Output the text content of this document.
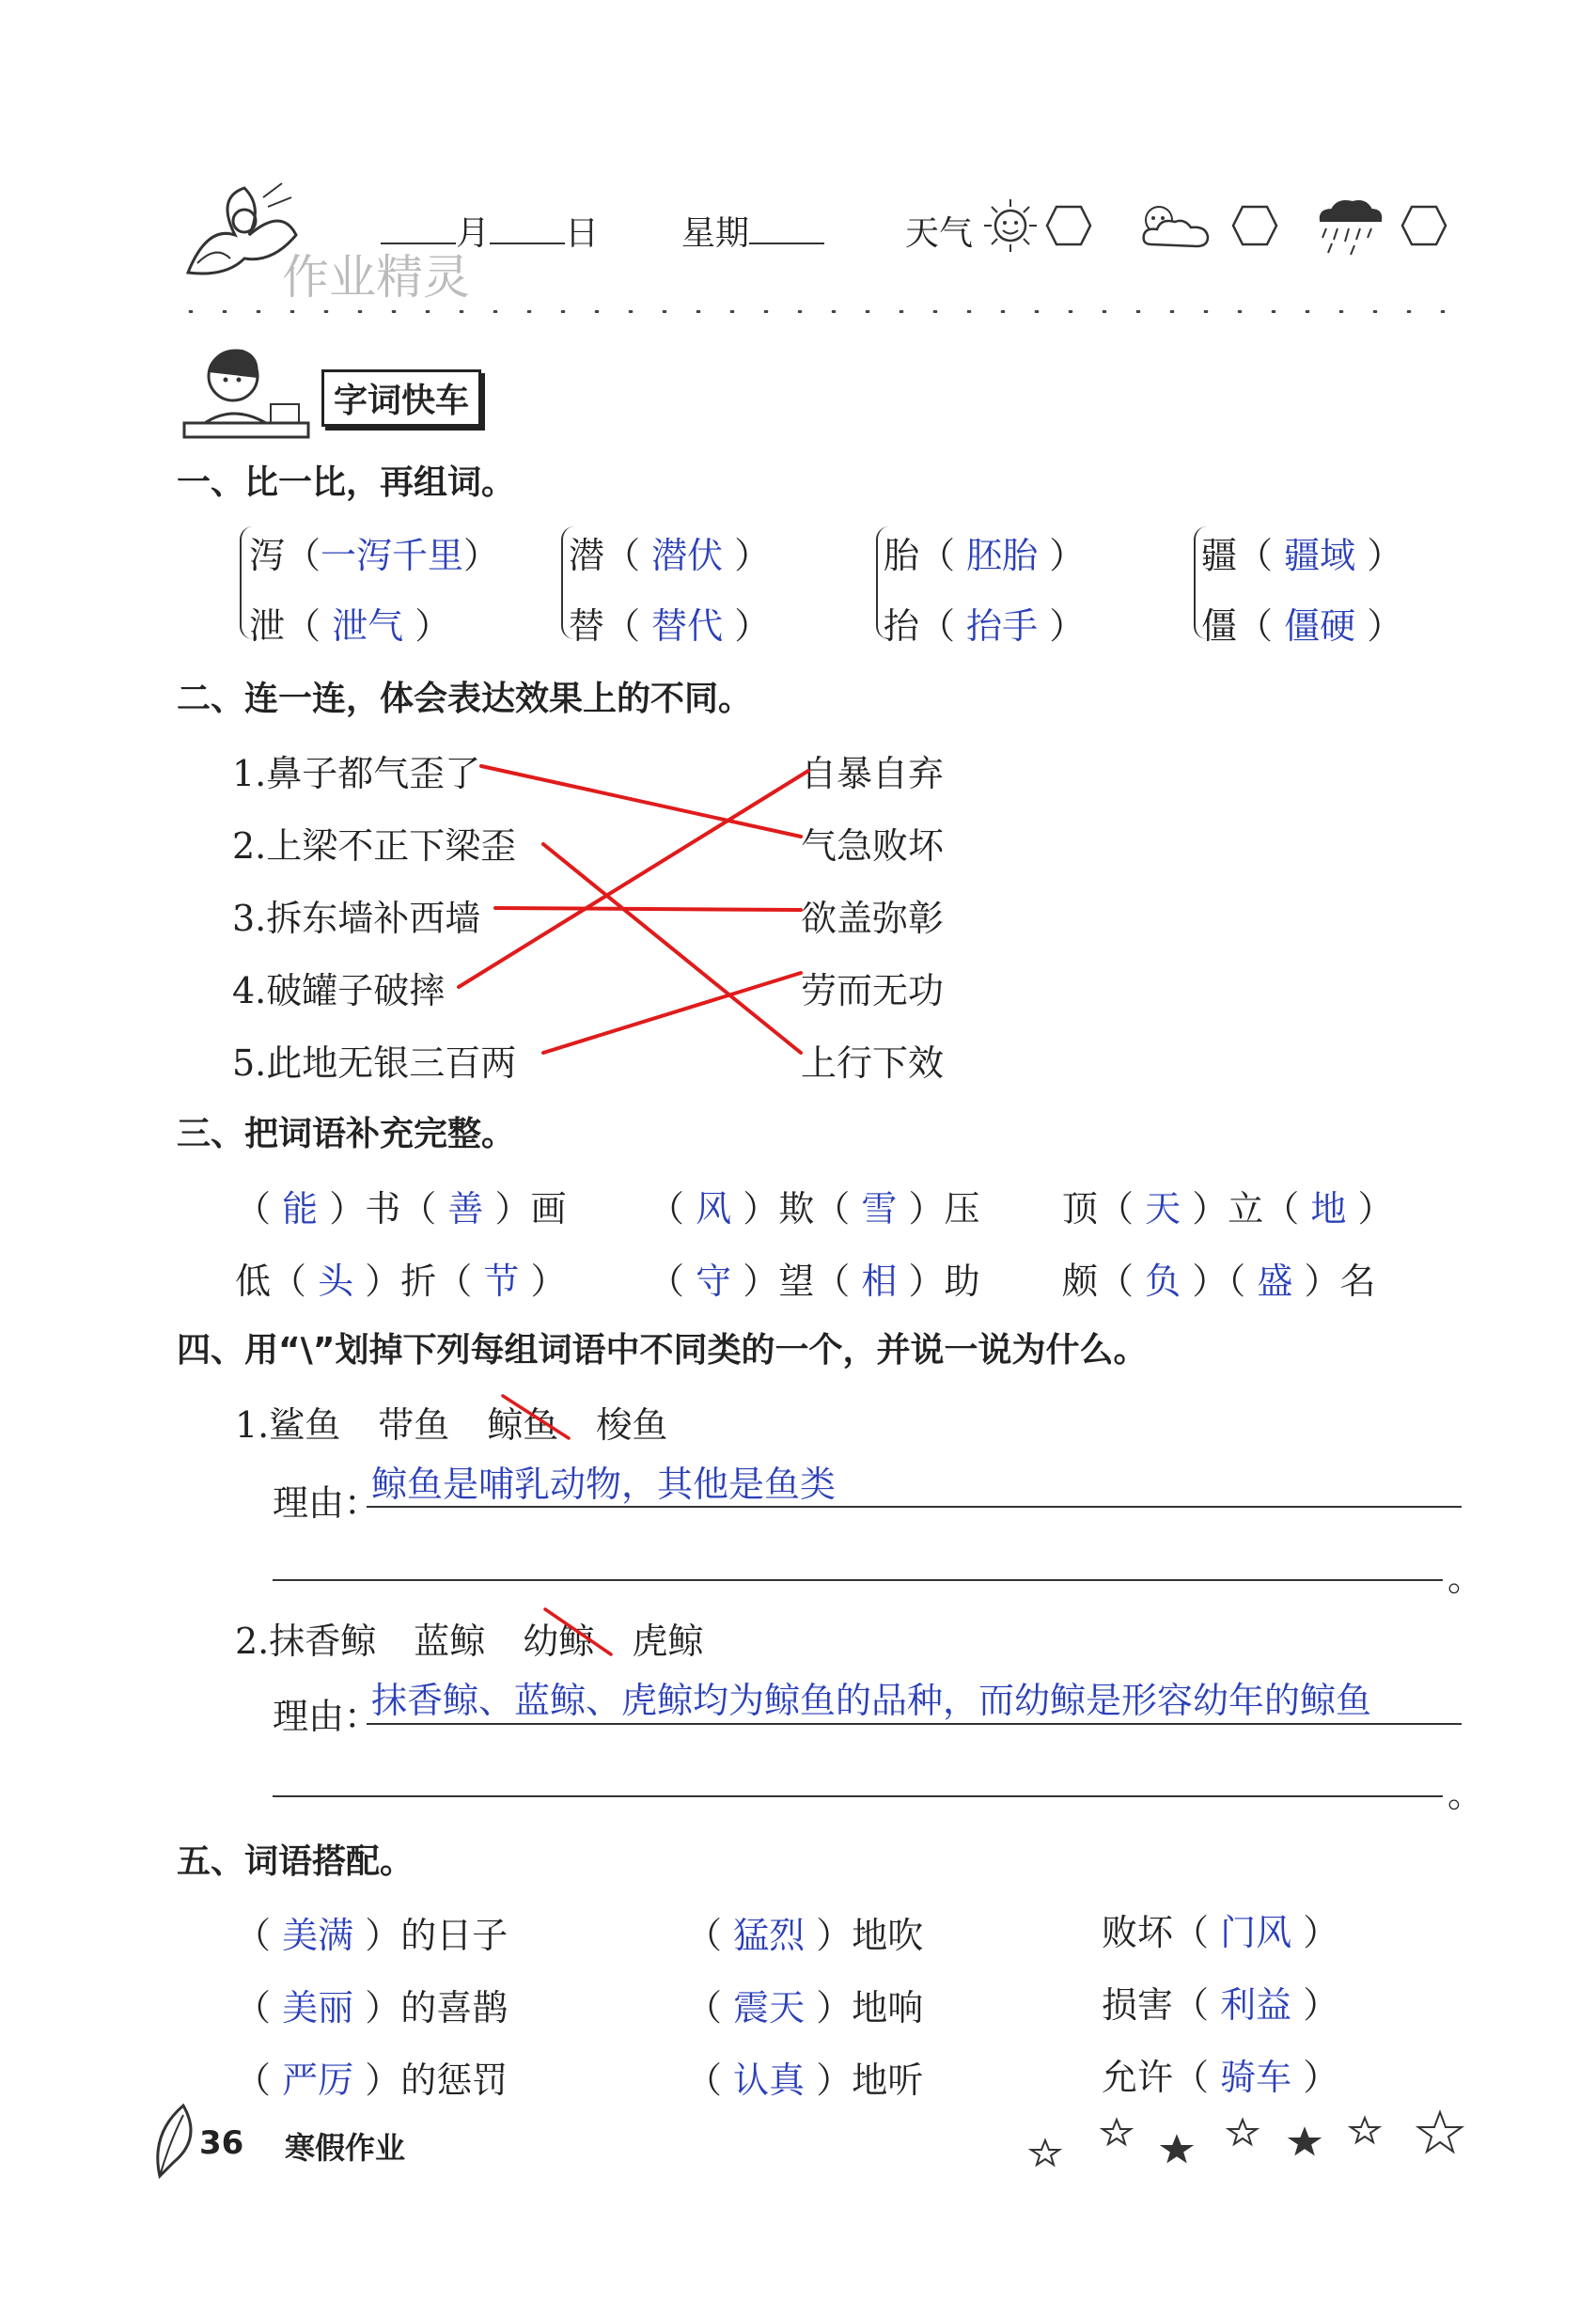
作业精灵
月 日 星期	天气
字词快车
一、比一比，再组词。
泻（一泻千里）
泄（ 泄气 ）
潜（ 潜伏 ）
替（ 替代 ）
胎（ 胚胎 ）
抬（ 抬手 ）
疆（ 疆域 ）
僵（ 僵硬 ）
二、连一连，体会表达效果上的不同。
1.鼻子都气歪了
2.上梁不正下梁歪
3.拆东墙补西墙
4.破罐子破摔
5.此地无银三百两
自暴自弃
气急败坏
欲盖弥彰
劳而无功
上行下效
三、把词语补充完整。
（ 能 ）书（ 善 ）画 （ 风 ）欺（ 雪 ）压 顶（ 天 ）立（ 地 ）
低（ 头 ）折（ 节 ） （ 守 ）望（ 相 ）助 颇（ 负 ）（ 盛 ）名
四、用“\”划掉下列每组词语中不同类的一个，并说一说为什么。
1.鲨鱼 带鱼 鲸鱼 梭鱼
理由：
鲸鱼是哺乳动物，其他是鱼类
。
2.抹香鲸 蓝鲸 幼鲸 虎鲸
理由：
抹香鲸、蓝鲸、虎鲸均为鲸鱼的品种，而幼鲸是形容幼年的鲸鱼
。
五、词语搭配。
（ 美满 ）的日子
（ 美丽 ）的喜鹊
（ 严厉 ）的惩罚
（ 猛烈 ）地吹
（ 震天 ）地响
（ 认真 ）地听
败坏（ 门风 ）
损害（ 利益 ）
允许（ 骑车 ）
36 寒假作业
